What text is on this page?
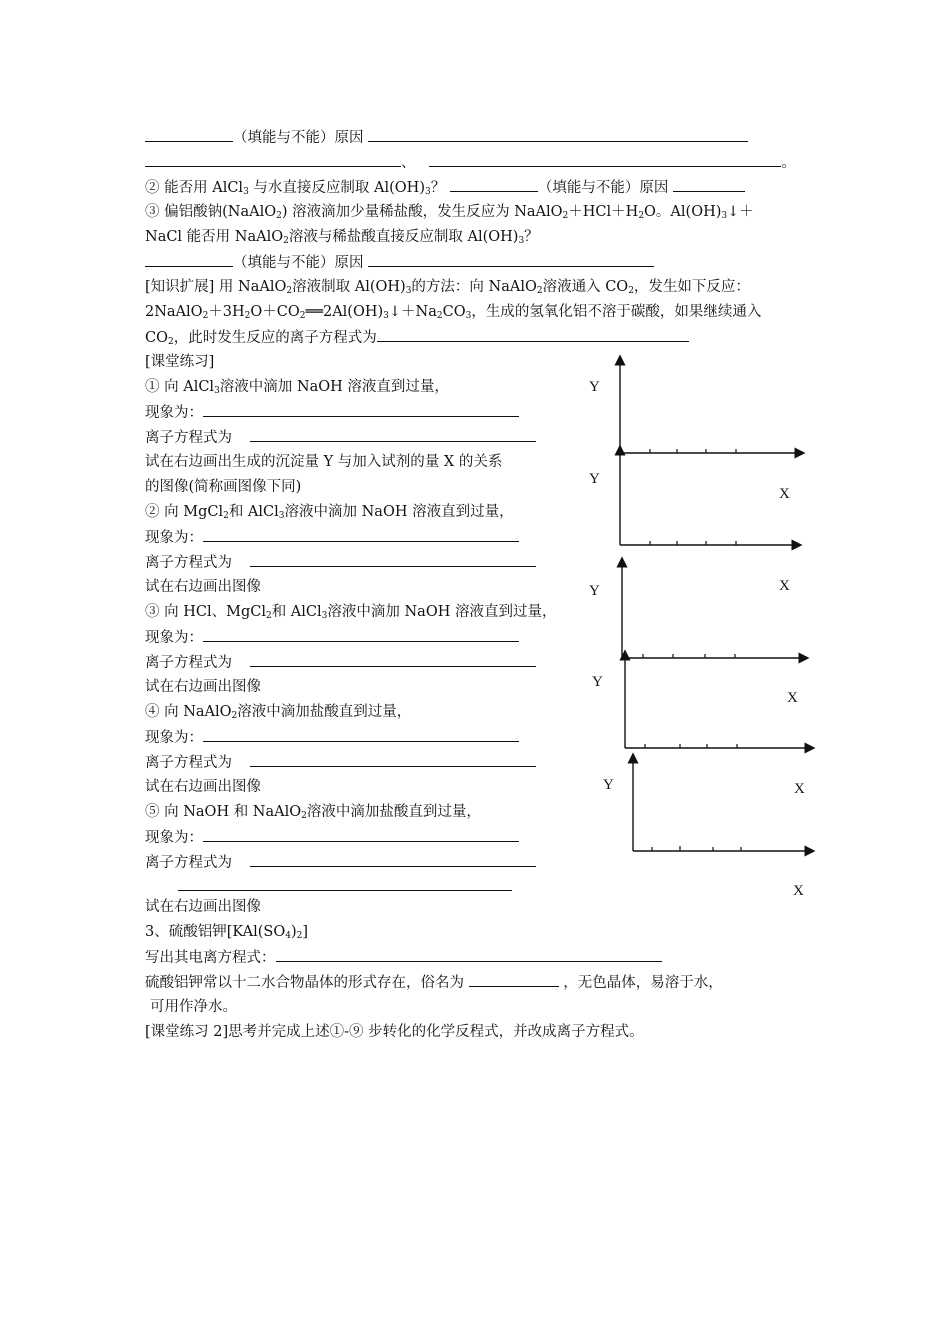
（填能与不能）原因
、	。
② 能否用 AlCl$_3$ 与水直接反应制取 $Al(OH)_3$？	（填能与不能）原因
③ 偏铝酸钠(NaAlO$_2$) 溶液滴加少量稀盐酸，发生反应为 $NaAlO_2+HCl+H_2O$。$Al(OH)_3↓+$
NaCl 能否用 NaAlO$_2$溶液与稀盐酸直接反应制取 $Al(OH)_3$？
（填能与不能）原因
[知识扩展] 用 NaAlO$_2$溶液制取 $Al(OH)_3$的方法：向 NaAlO$_2$溶液通入 $CO_2$，发生如下反应：
$2NaAlO_2+3H_2O+CO_2══2Al(OH)_3↓+Na_2CO_3$，生成的氢氧化铝不溶于碳酸，如果继续通入
$CO_2$，此时发生反应的离子方程式为
[课堂练习]
① 向 AlCl$_3$溶液中滴加 NaOH 溶液直到过量，
现象为：
离子方程式为
试在右边画出生成的沉淀量 Y 与加入试剂的量 X 的关系
的图像(简称画图像下同)
② 向 MgCl$_2$和 AlCl$_3$溶液中滴加 NaOH 溶液直到过量，
现象为：
离子方程式为
试在右边画出图像
③ 向 HCl、MgCl$_2$和 AlCl$_3$溶液中滴加 NaOH 溶液直到过量，
现象为：
离子方程式为
试在右边画出图像
④ 向 NaAlO$_2$溶液中滴加盐酸直到过量，
现象为：
离子方程式为
试在右边画出图像
⑤ 向 NaOH 和 NaAlO$_2$溶液中滴加盐酸直到过量，
现象为：
离子方程式为
试在右边画出图像
3、硫酸铝钾$[KAl(SO_4)_2]$
写出其电离方程式：
硫酸铝钾常以十二水合物晶体的形式存在，俗名为	，无色晶体，易溶于水，
可用作净水。
[课堂练习 2]思考并完成上述①-⑨ 步转化的化学反程式，并改成离子方程式。
Y
Y
X
Y	X
Y
X
Y	X
X
